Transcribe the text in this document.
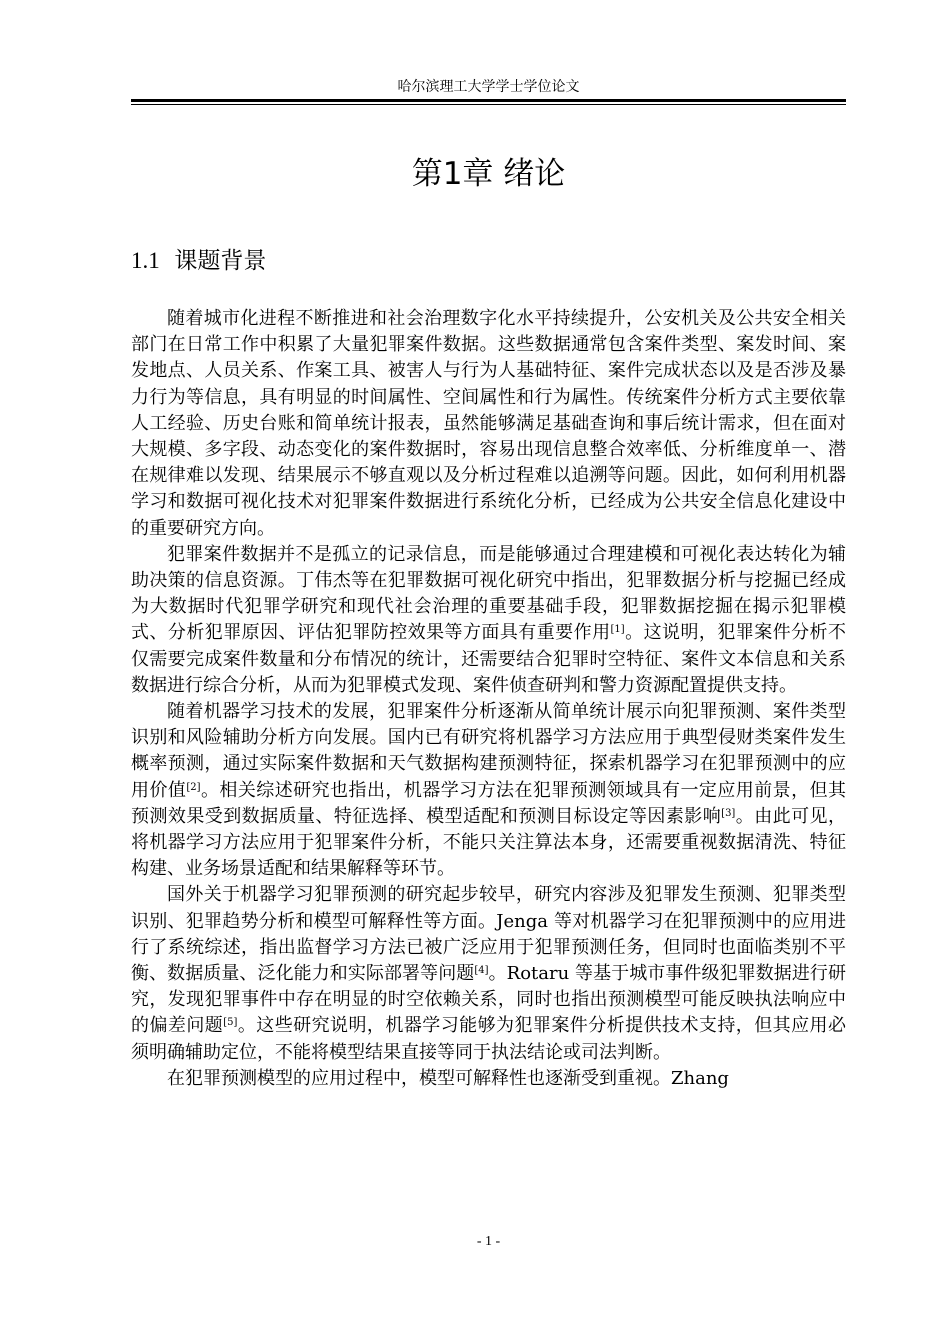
哈尔滨理工大学学士学位论文
第1章 绪论
1.1 课题背景

随着城市化进程不断推进和社会治理数字化水平持续提升，公安机关及公共安全相关部门在日常工作中积累了大量犯罪案件数据。这些数据通常包含案件类型、案发时间、案发地点、人员关系、作案工具、被害人与行为人基础特征、案件完成状态以及是否涉及暴力行为等信息，具有明显的时间属性、空间属性和行为属性。传统案件分析方式主要依靠人工经验、历史台账和简单统计报表，虽然能够满足基础查询和事后统计需求，但在面对大规模、多字段、动态变化的案件数据时，容易出现信息整合效率低、分析维度单一、潜在规律难以发现、结果展示不够直观以及分析过程难以追溯等问题。因此，如何利用机器学习和数据可视化技术对犯罪案件数据进行系统化分析，已经成为公共安全信息化建设中的重要研究方向。

犯罪案件数据并不是孤立的记录信息，而是能够通过合理建模和可视化表达转化为辅助决策的信息资源。丁伟杰等在犯罪数据可视化研究中指出，犯罪数据分析与挖掘已经成为大数据时代犯罪学研究和现代社会治理的重要基础手段，犯罪数据挖掘在揭示犯罪模式、分析犯罪原因、评估犯罪防控效果等方面具有重要作用[1]。这说明，犯罪案件分析不仅需要完成案件数量和分布情况的统计，还需要结合犯罪时空特征、案件文本信息和关系数据进行综合分析，从而为犯罪模式发现、案件侦查研判和警力资源配置提供支持。

随着机器学习技术的发展，犯罪案件分析逐渐从简单统计展示向犯罪预测、案件类型识别和风险辅助分析方向发展。国内已有研究将机器学习方法应用于典型侵财类案件发生概率预测，通过实际案件数据和天气数据构建预测特征，探索机器学习在犯罪预测中的应用价值[2]。相关综述研究也指出，机器学习方法在犯罪预测领域具有一定应用前景，但其预测效果受到数据质量、特征选择、模型适配和预测目标设定等因素影响[3]。由此可见，将机器学习方法应用于犯罪案件分析，不能只关注算法本身，还需要重视数据清洗、特征构建、业务场景适配和结果解释等环节。

国外关于机器学习犯罪预测的研究起步较早，研究内容涉及犯罪发生预测、犯罪类型识别、犯罪趋势分析和模型可解释性等方面。Jenga 等对机器学习在犯罪预测中的应用进行了系统综述，指出监督学习方法已被广泛应用于犯罪预测任务，但同时也面临类别不平衡、数据质量、泛化能力和实际部署等问题[4]。Rotaru 等基于城市事件级犯罪数据进行研究，发现犯罪事件中存在明显的时空依赖关系，同时也指出预测模型可能反映执法响应中的偏差问题[5]。这些研究说明，机器学习能够为犯罪案件分析提供技术支持，但其应用必须明确辅助定位，不能将模型结果直接等同于执法结论或司法判断。

在犯罪预测模型的应用过程中，模型可解释性也逐渐受到重视。Zhang

- 1 -
